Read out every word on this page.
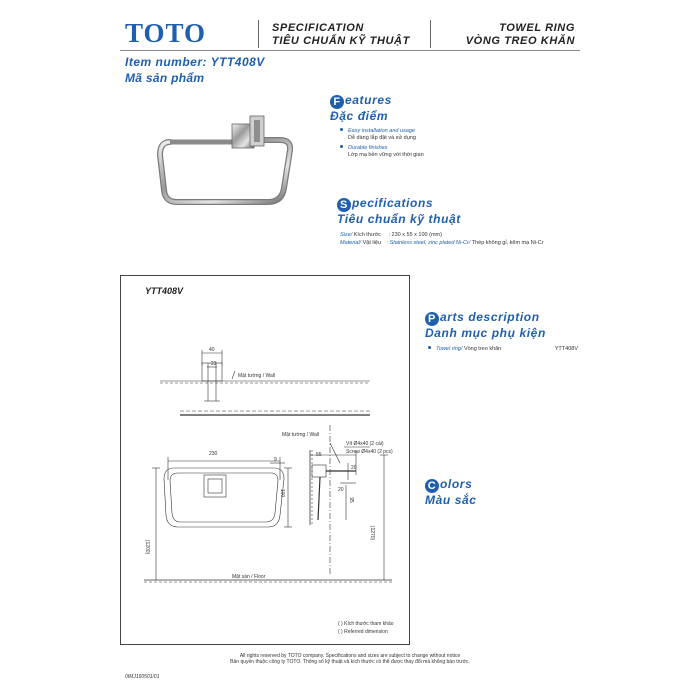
TOTO	SPECIFICATION
TIÊU CHUẨN KỸ THUẬT
TOWEL RING
VÒNG TREO KHĂN
Item number: YTT408V
Mã sản phẩm
F eatures
Đặc điểm
Easy installation and usage
Dễ dàng lắp đặt và sử dụng
Durable finishes
Lớp mạ bền vững với thời gian
S pecifications
Tiêu chuẩn kỹ thuật
Size/ Kích thước : 230 x 55 x 100 (mm)
Material/ Vật liệu : Stainless steel, zinc plated Ni-Cr/ Thép không gỉ, kẽm mạ Ni-Cr
YTT408V
40
23
Mặt tường / Wall
Mặt tường / Wall
230
9
100
55
Vít Ø4x40 (2 cái)
Screw Ø4x40 (2 pcs)
20
20
95
(1200)
(1270)
Mặt sàn / Floor
( ) Kích thước tham khảo
( ) Referred dimension
P arts description
Danh mục phụ kiện
Towel ring/ Vòng treo khăn	YTT408V
C olors
Màu sắc
All rights reserved by TOTO company. Specifications and sizes are subject to change without notice
Bản quyền thuộc công ty TOTO. Thông số kỹ thuật và kích thước có thể được thay đổi mà không báo trước.
0IMJ150501/01
